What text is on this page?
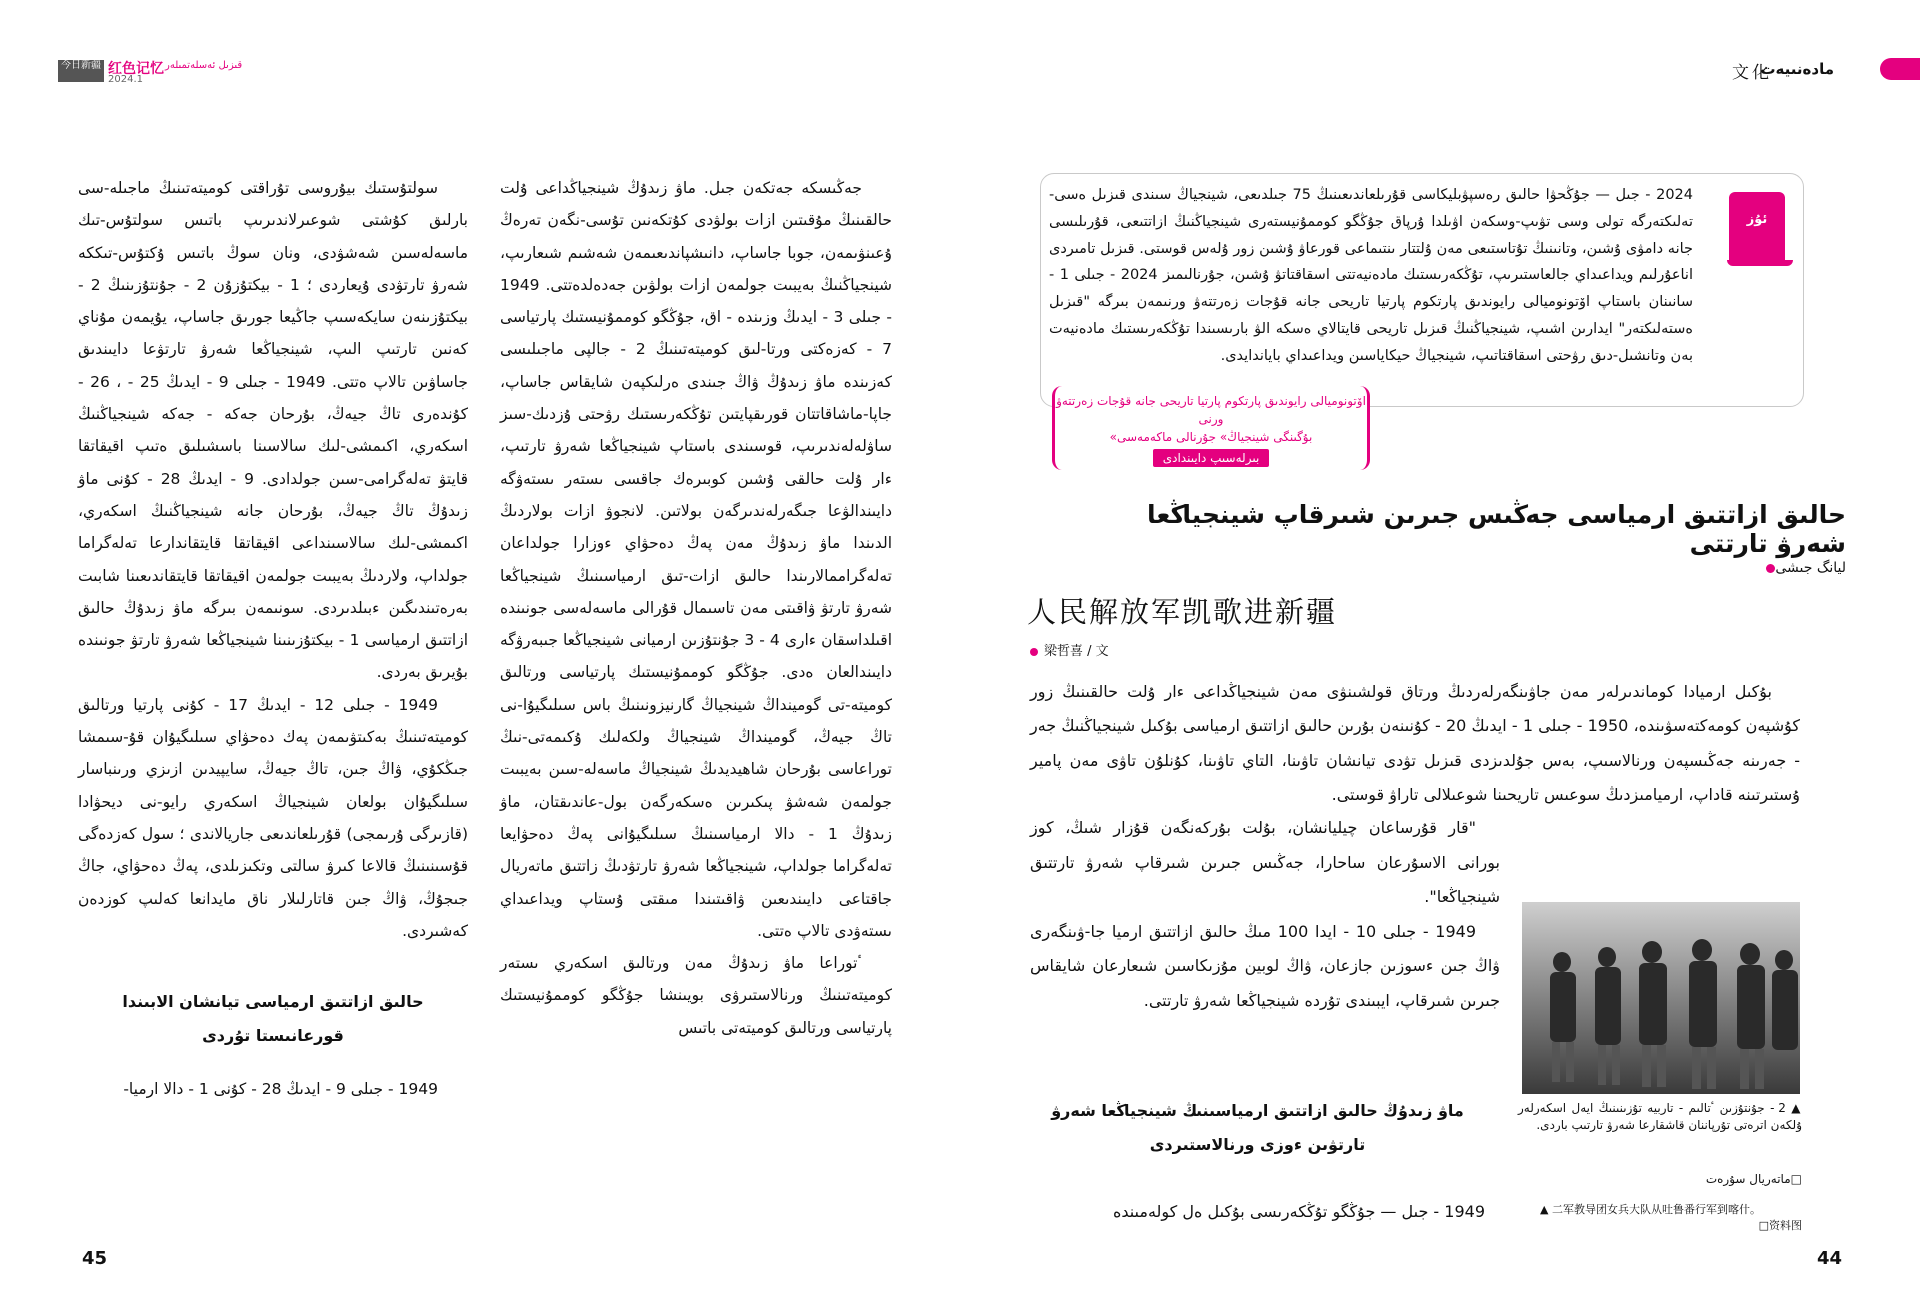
今日新疆 红色记忆 قىزىل ئەسلەتمىلەر
2024.1	文化
مادەنىيەت

سولتۇستىك بيۇروسى تۇراقتى كوميتەتىنىڭ ماجىلە-سى بارلىق كۇشتى شوعىرلاندىرىپ باتىس سولتۇس-تىك ماسەلەسىن شەشۋدى، ونان سوڭ باتىس ۇكتۇس-تىككە شەرۋ تارتۋدى ۇيعاردى ؛ 1 - بيكتۇزۇن 2 - جۇنتۇزىنىڭ 2 - بيكتۇزىنەن سايكەسىپ جاڭيعا جورىق جاساپ، يۇيمەن مۇناي كەنىن تارتىپ الىپ، شينجياڭعا شەرۋ تارتۋعا دايىندىق جاساۋىن تالاپ ەتتى. 1949 - جىلى 9 - ايدىڭ 25 - ، 26 - كۇندەرى تاڭ جيەڭ، بۇرحان جەكە - جەكە شينجياڭنىڭ اسكەري، اكىمشى-لىك سالاسىنا باسشىلىق ەتىپ اقيقاتقا قايتۋ تەلەگرامى-سىن جولدادى. 9 - ايدىڭ 28 - كۇنى ماۋ زىدۇڭ تاڭ جيەڭ، بۇرحان جانە شينجياڭنىڭ اسكەري، اكىمشى-لىك سالاسىنداعى اقيقاتقا قايتقاندارعا تەلەگراما جولداپ، ولاردىڭ بەيبىت جولمەن اقيقاتقا قايتقاندىعىنا شابىت بەرەتىندىگىن ءبىلدىردى. سونىمەن بىرگە ماۋ زىدۇڭ حالىق ازاتتىق ارمياسى 1 - بيكتۇزىنىنا شينجياڭعا شەرۋ تارتۋ جونىندە بۇيرىق بەردى.

1949 - جىلى 12 - ايدىڭ 17 - كۇنى پارتيا ورتالىق كوميتەتىنىڭ بەكىتۋىمەن پەك دەحۋاي سىلىگيۇان قۇ-سىمشا جىڭكۇي، ۋاڭ جىن، تاڭ جيەڭ، سايپيدىن ازىزي ورىنباسار سىلىگيۇان بولعان شينجياڭ اسكەري رايو-نى ديحۋادا (قازىرگى ۇرىمجى) قۇرىلعاندىعى جاريالاندى ؛ سول كەزدەگى قۇسىنىنىڭ قالاعا كىرۋ سالتى وتكىزىلدى، پەڭ دەحۋاي، جاڭ جىجۇڭ، ۋاڭ جىن قاتارلىلار ناق مايدانعا كەلىپ كوزدەن كەشىردى.

حالىق ازاتتىق ارمياسى تيانشان الابىندا قورعانىستا تۇردى

1949 - جىلى 9 - ايدىڭ 28 - كۇنى 1 - دالا ارميا-

جەڭىسكە جەتكەن جىل. ماۋ زىدۇڭ شينجياڭداعى ۇلت حالقىنىڭ مۇقىتىن ازات بولۋدى كۇتكەنىن تۇسى-نگەن تەرەڭ ۇعىنۋىمەن، جوبا جاساپ، دانىشپاندىعىمەن شەشىم شىعارىپ، شينجياڭنىڭ بەيبىت جولمەن ازات بولۋىن جەدەلدەتتى. 1949 - جىلى 3 - ايدىڭ وزىندە - اق، جۇڭگو كوممۇنيستىك پارتياسى 7 - كەزەكتى ورتا-لىق كوميتەتىنىڭ 2 - جالپى ماجىلىسى كەزىندە ماۋ زىدۇڭ ۋاڭ جىندى ەرلىكپەن شايقاس جاساپ، جاپا-ماشاقاتتان قورىقپايتىن تۇڭكەرىستىك رۋحتى ۇزدىك-سىز ساۋلەلەندىرىپ، قوسىندى باستاپ شينجياڭعا شەرۋ تارتىپ، ءار ۇلت حالقى ۇشىن كوبىرەك جاقسى ىستەر ىستەۋگە دايىندالۋعا جىگەرلەندىرگەن بولاتىن. لانجوۋ ازات بولاردىڭ الدىندا ماۋ زىدۇڭ مەن پەڭ دەحۋاي ءوزارا جولداعان تەلەگراممالارىندا حالىق ازات-تىق ارمياسىنىڭ شينجياڭعا شەرۋ تارتۋ ۋاقىتى مەن تاسىمال قۇرالى ماسەلەسى جونىندە اقىلداسقان ءارى 4 - 3 جۇنتۇزىن ارميانى شينجياڭعا جىبەرۋگە دايىندالعان ەدى. جۇڭگو كوممۇنيستىك پارتياسى ورتالىق كوميتە-تى گومينداڭ شينجياڭ گارنيزونىنىڭ باس سىلىگيۇا-نى تاڭ جيەڭ، گومينداڭ شينجياڭ ولكەلىك ۇكىمەتى-نىڭ توراعاسى بۇرحان شاهيديدىڭ شينجياڭ ماسەلە-سىن بەيبىت جولمەن شەشۋ پىكىرىن ەسكەرگەن بول-عاندىقتان، ماۋ زىدۇڭ 1 - دالا ارمياسىنىڭ سىلىگيۇانى پەڭ دەحۋايعا تەلەگراما جولداپ، شينجياڭعا شەرۋ تارتۋدىڭ زاتتىق ماتەريال جاقتاعى دايىندىعىن ۋاقىتىندا مىقتى ۇستاپ ويداعىداي ىستەۋدى تالاپ ەتتى.

ٴتوراعا ماۋ زىدۇڭ مەن ورتالىق اسكەري ىستەر كوميتەتىنىڭ ورنالاستىرۋى بويىنشا جۇڭگو كوممۇنيستىك پارتياسى ورتالىق كوميتەتى باتىس

2024 - جىل — جۇڭحۋا حالىق رەسپۋبليكاسى قۇرىلعاندىعىنىڭ 75 جىلدىعى، شينجياڭ سىندى قىزىل ەسى-تەلىكتەرگە تولى وسى تۋىپ-وسكەن اۋىلدا ۇرپاق جۇڭگو كوممۇنيستەرى شينجياڭنىڭ ازاتتىعى، قۇرىلىسى جانە دامۋى ۇشىن، وتانىنىڭ تۇتاستىعى مەن ۇلتتار ىنتىماعى قورعاۋ ۇشىن زور ۇلەس قوستى. قىزىل تامىردى اناعۇرلىم ويداعىداي جالعاستىرىپ، تۇڭكەرىستىك مادەنيەتتى اسقاقتاتۋ ۇشىن، جۇرنالىمىز 2024 - جىلى 1 - سانىنان باستاپ اۆتونوميالى رايوندىق پارتكوم پارتيا تاريحى جانە قۇجات زەرتتەۋ ورنىمەن بىرگە "قىزىل ەستەلىكتەر" ايدارىن اشىپ، شينجياڭنىڭ قىزىل تاريحى قايتالاي ەسكە الۋ بارىسىندا تۇڭكەرىستىك مادەنيەت بەن وتانشىل-دىق رۋحتى اسقاقتاتىپ، شينجياڭ حيكاياسىن ويداعىداي باياندايدى.

ئۇز باسى
اۆتونوميالى رايوندىق پارتكوم پارتيا تاريحى جانە قۇجات زەرتتەۋ ورنى
«بۇگىنگى شينجياڭ» جۇرنالى ماكەمەسى
بىرلەسىپ دايىندادى
حالىق ازاتتىق ارمياسى جەڭىس جىرىن شىرقاپ شينجياڭعا شەرۋ تارتتى
ليانگ جىشى
人民解放军凯歌进新疆
梁哲喜 / 文

بۇكىل ارميادا كوماندىرلەر مەن جاۋىنگەرلەردىڭ ورتاق قولشىنۋى مەن شينجياڭداعى ءار ۇلت حالقىنىڭ زور كۇشپەن كومەكتەسۋىندە، 1950 - جىلى 1 - ايدىڭ 20 - كۇنىنەن بۇرىن حالىق ازاتتىق ارمياسى بۇكىل شينجياڭنىڭ جەر - جەرىنە جەڭىسپەن ورنالاسىپ، بەس جۇلدىزدى قىزىل تۋدى تيانشان تاۋىنا، التاي تاۋىنا، كۇنلۇن تاۋى مەن پامير ۇستىرتىنە قاداپ، ارميامىزدىڭ سوعىس تاريحىنا شوعىلالى تاراۋ قوستى.

"قار قۇرساعان چيليانشان، بۇلت بۇركەنگەن قۇزار شىڭ، كوز بورانى الاسۇرعان ساحارا، جەڭىس جىرىن شىرقاپ شەرۋ تارتتىق شينجياڭعا".

1949 - جىلى 10 - ايدا 100 مىڭ حالىق ازاتتىق ارميا جا-ۋىنگەرى ۋاڭ جىن ءسوزىن جازعان، ۋاڭ لوبين مۇزىكاسىن شىعارعان شايقاس جىرىن شىرقاپ، ايبىندى تۇردە شينجياڭعا شەرۋ تارتتى.

ماۋ زىدۇڭ حالىق ازاتتىق ارمياسىنىڭ شينجياڭعا شەرۋ تارتۋىن ءوزى ورنالاستىردى
1949 - جىل — جۇڭگو تۇڭكەرىسى بۇكىل ەل كولەمىندە
▲ 2 - جۇنتۇزىن ٴتالىم - تاربيە تۇزىنىنىڭ ايەل اسكەرلەر ۇلكەن اترەتى تۇرپاننان قاشقارعا شەرۋ تارتىپ باردى.
ماتەريال سۇرەت□
▲ 二军教导团女兵大队从吐鲁番行军到喀什。
□资料图
45	44
